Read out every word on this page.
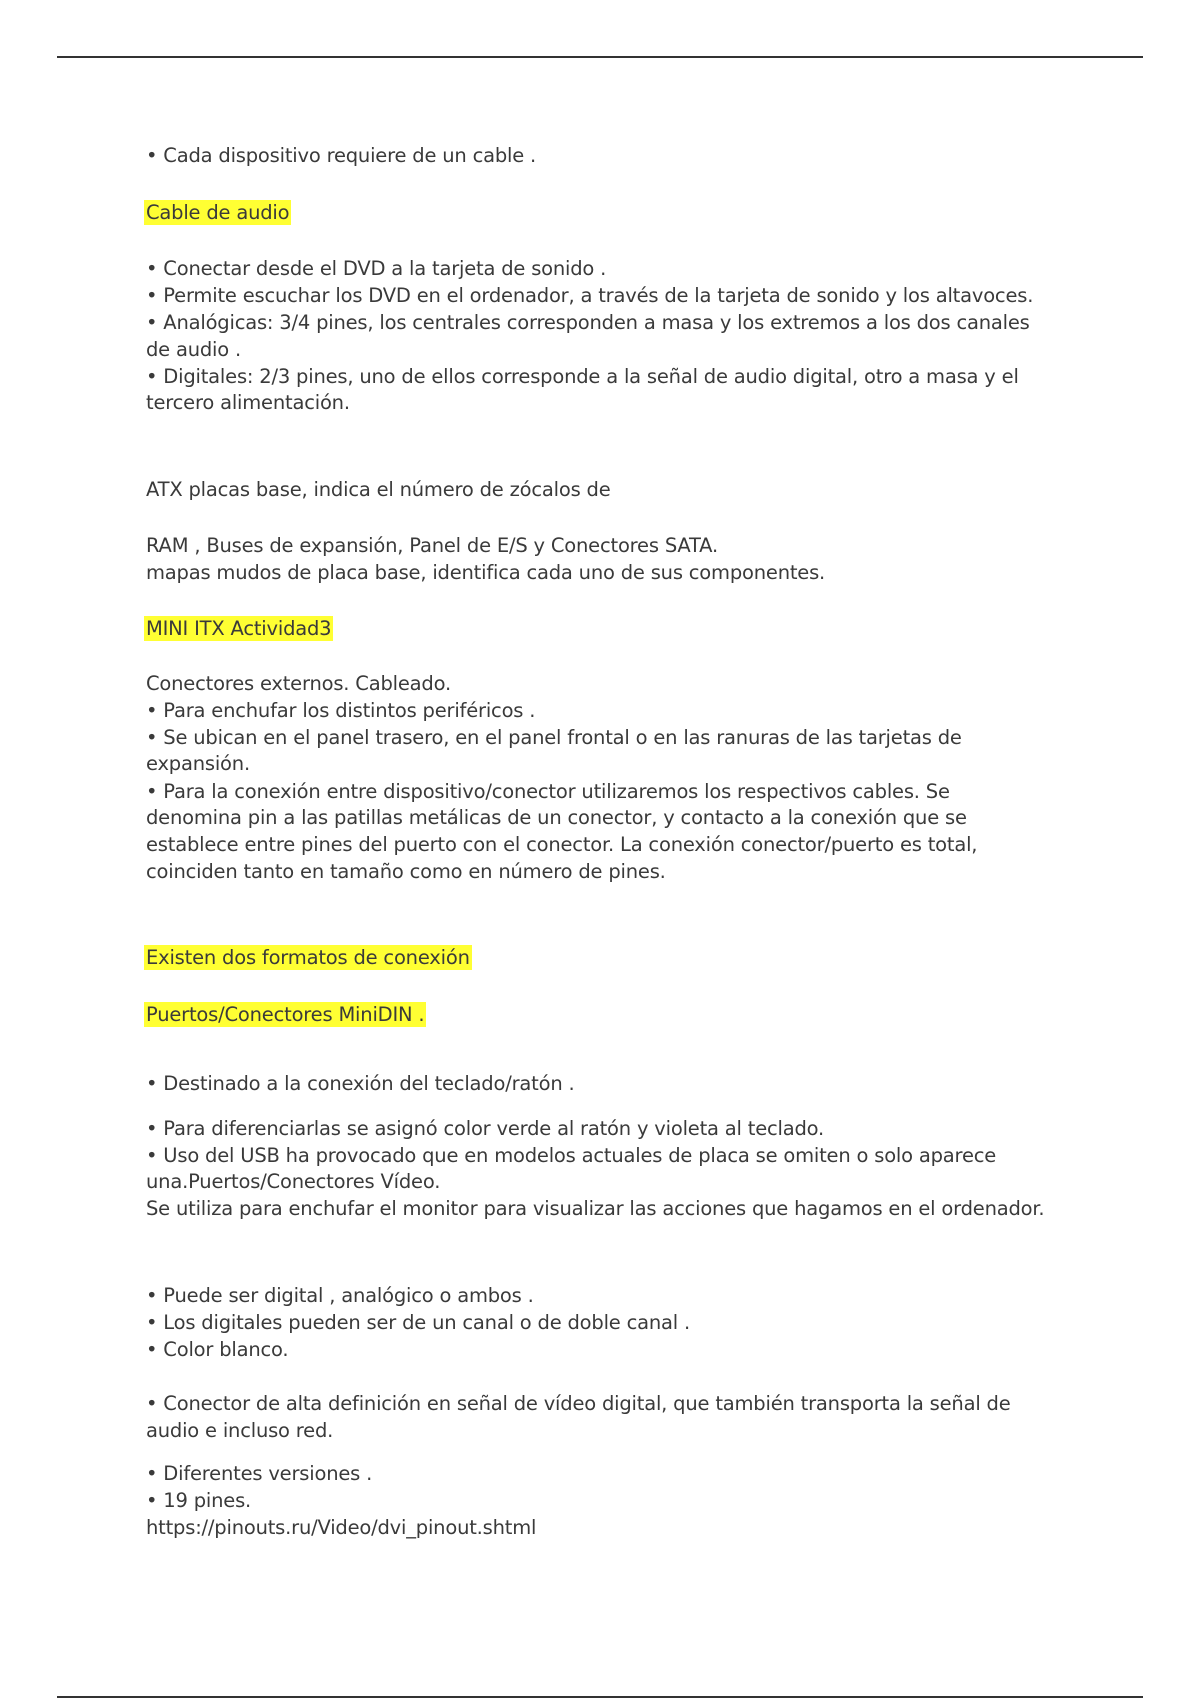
• Cada dispositivo requiere de un cable .
Cable de audio
• Conectar desde el DVD a la tarjeta de sonido .
• Permite escuchar los DVD en el ordenador, a través de la tarjeta de sonido y los altavoces.
• Analógicas: 3/4 pines, los centrales corresponden a masa y los extremos a los dos canales
de audio .
• Digitales: 2/3 pines, uno de ellos corresponde a la señal de audio digital, otro a masa y el
tercero alimentación.
ATX placas base, indica el número de zócalos de
RAM , Buses de expansión, Panel de E/S y Conectores SATA.
mapas mudos de placa base, identifica cada uno de sus componentes.
MINI ITX Actividad3
Conectores externos. Cableado.
• Para enchufar los distintos periféricos .
• Se ubican en el panel trasero, en el panel frontal o en las ranuras de las tarjetas de
expansión.
• Para la conexión entre dispositivo/conector utilizaremos los respectivos cables. Se
denomina pin a las patillas metálicas de un conector, y contacto a la conexión que se
establece entre pines del puerto con el conector. La conexión conector/puerto es total,
coinciden tanto en tamaño como en número de pines.
Existen dos formatos de conexión
Puertos/Conectores MiniDIN .
• Destinado a la conexión del teclado/ratón .
• Para diferenciarlas se asignó color verde al ratón y violeta al teclado.
• Uso del USB ha provocado que en modelos actuales de placa se omiten o solo aparece
una.Puertos/Conectores Vídeo.
Se utiliza para enchufar el monitor para visualizar las acciones que hagamos en el ordenador.
• Puede ser digital , analógico o ambos .
• Los digitales pueden ser de un canal o de doble canal .
• Color blanco.
• Conector de alta definición en señal de vídeo digital, que también transporta la señal de
audio e incluso red.
• Diferentes versiones .
• 19 pines.
https://pinouts.ru/Video/dvi_pinout.shtml
